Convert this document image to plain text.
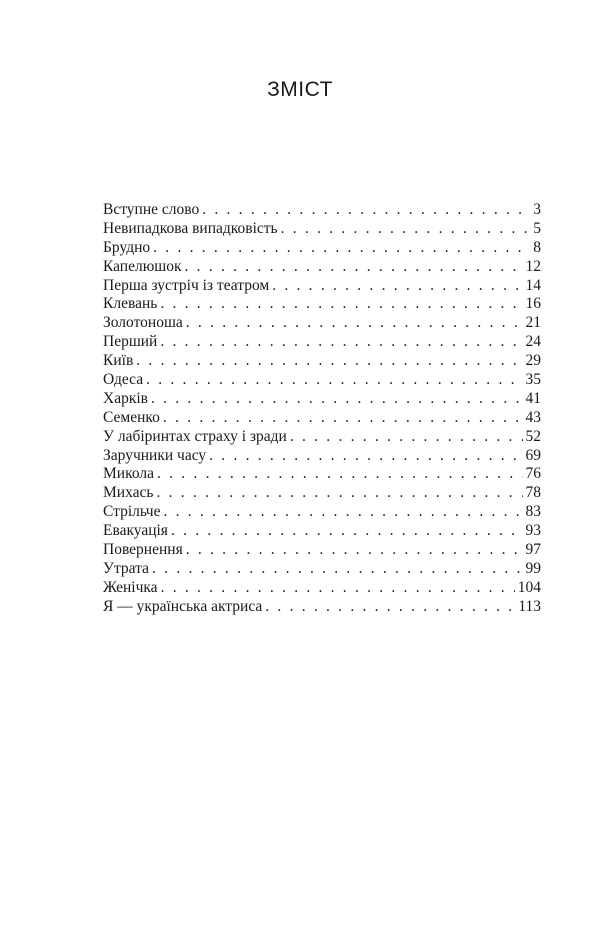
ЗМІСТ
Вступне слово . . .	3
Невипадкова випадковість . . .	5
Брудно . . .	8
Капелюшок . . .	12
Перша зустріч із театром . . .	14
Клевань . . .	16
Золотоноша . . .	21
Перший . . .	24
Київ . . .	29
Одеса . . .	35
Харків . . .	41
Семенко . . .	43
У лабіринтах страху і зради . . .	52
Заручники часу . . .	69
Микола . . .	76
Михась . . .	78
Стрільче . . .	83
Евакуація . . .	93
Повернення . . .	97
Утрата . . .	99
Женічка . . .	104
Я — українська актриса . . .	113
